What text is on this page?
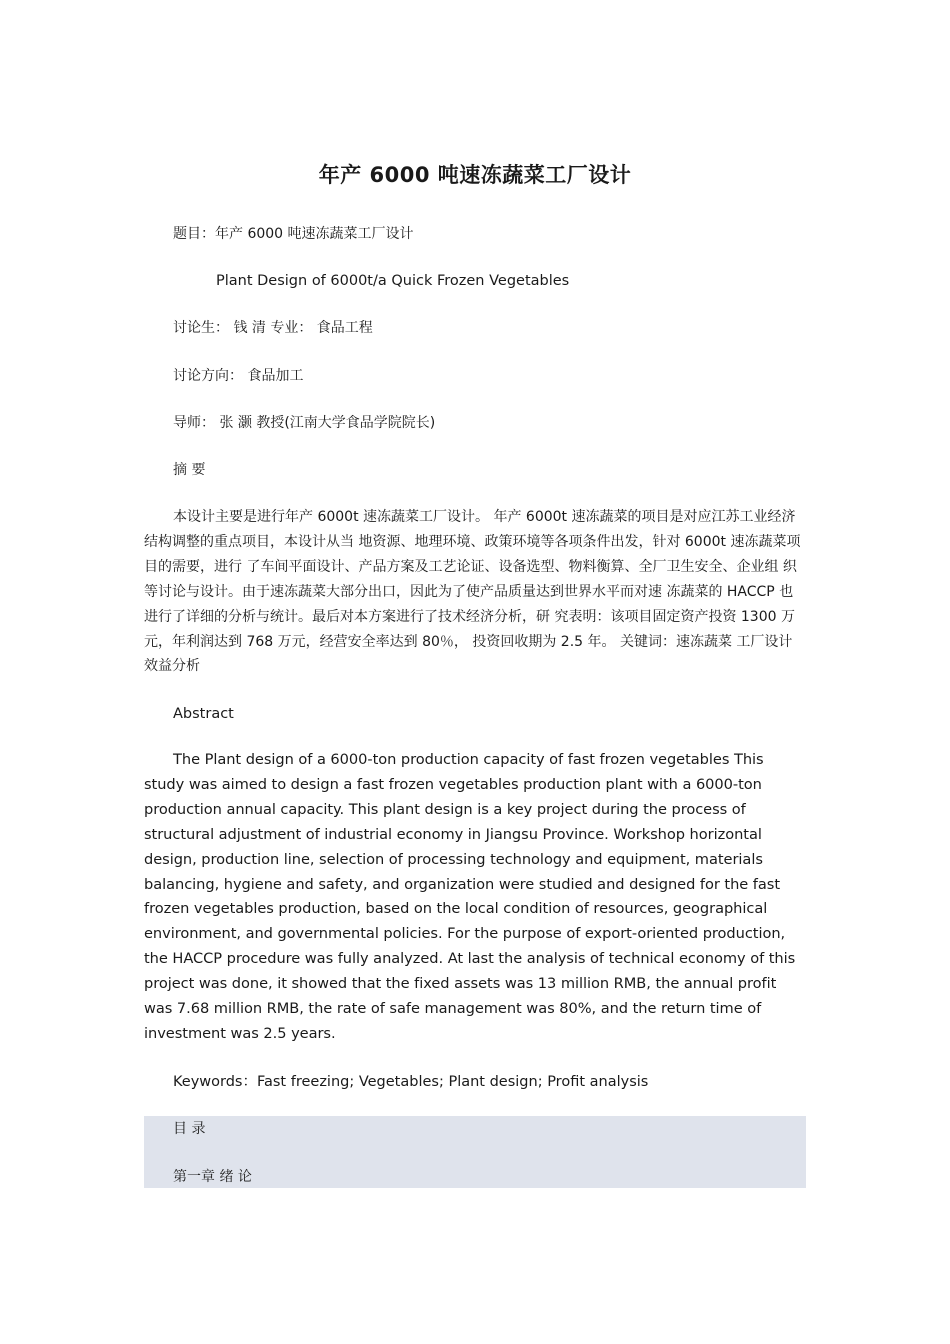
年产 6000 吨速冻蔬菜工厂设计

题目：年产 6000 吨速冻蔬菜工厂设计

Plant Design of 6000t/a Quick Frozen Vegetables

讨论生： 钱 清 专业： 食品工程

讨论方向： 食品加工

导师： 张 灏 教授(江南大学食品学院院长)

摘 要

本设计主要是进行年产 6000t 速冻蔬菜工厂设计。 年产 6000t 速冻蔬菜的项目是对应江苏工业经济结构调整的重点项目，本设计从当 地资源、地理环境、政策环境等各项条件出发，针对 6000t 速冻蔬菜项目的需要，进行 了车间平面设计、产品方案及工艺论证、设备选型、物料衡算、全厂卫生安全、企业组 织等讨论与设计。由于速冻蔬菜大部分出口，因此为了使产品质量达到世界水平而对速 冻蔬菜的 HACCP 也进行了详细的分析与统计。最后对本方案进行了技术经济分析，研 究表明：该项目固定资产投资 1300 万元，年利润达到 768 万元，经营安全率达到 80％， 投资回收期为 2.5 年。 关键词：速冻蔬菜 工厂设计 效益分析

Abstract

The Plant design of a 6000-ton production capacity of fast frozen vegetables This study was aimed to design a fast frozen vegetables production plant with a 6000-ton production annual capacity. This plant design is a key project during the process of structural adjustment of industrial economy in Jiangsu Province. Workshop horizontal design, production line, selection of processing technology and equipment, materials balancing, hygiene and safety, and organization were studied and designed for the fast frozen vegetables production, based on the local condition of resources, geographical environment, and governmental policies. For the purpose of export-oriented production, the HACCP procedure was fully analyzed. At last the analysis of technical economy of this project was done, it showed that the fixed assets was 13 million RMB, the annual profit was 7.68 million RMB, the rate of safe management was 80%, and the return time of investment was 2.5 years.

Keywords：Fast freezing; Vegetables; Plant design; Profit analysis

目 录

第一章 绪 论
